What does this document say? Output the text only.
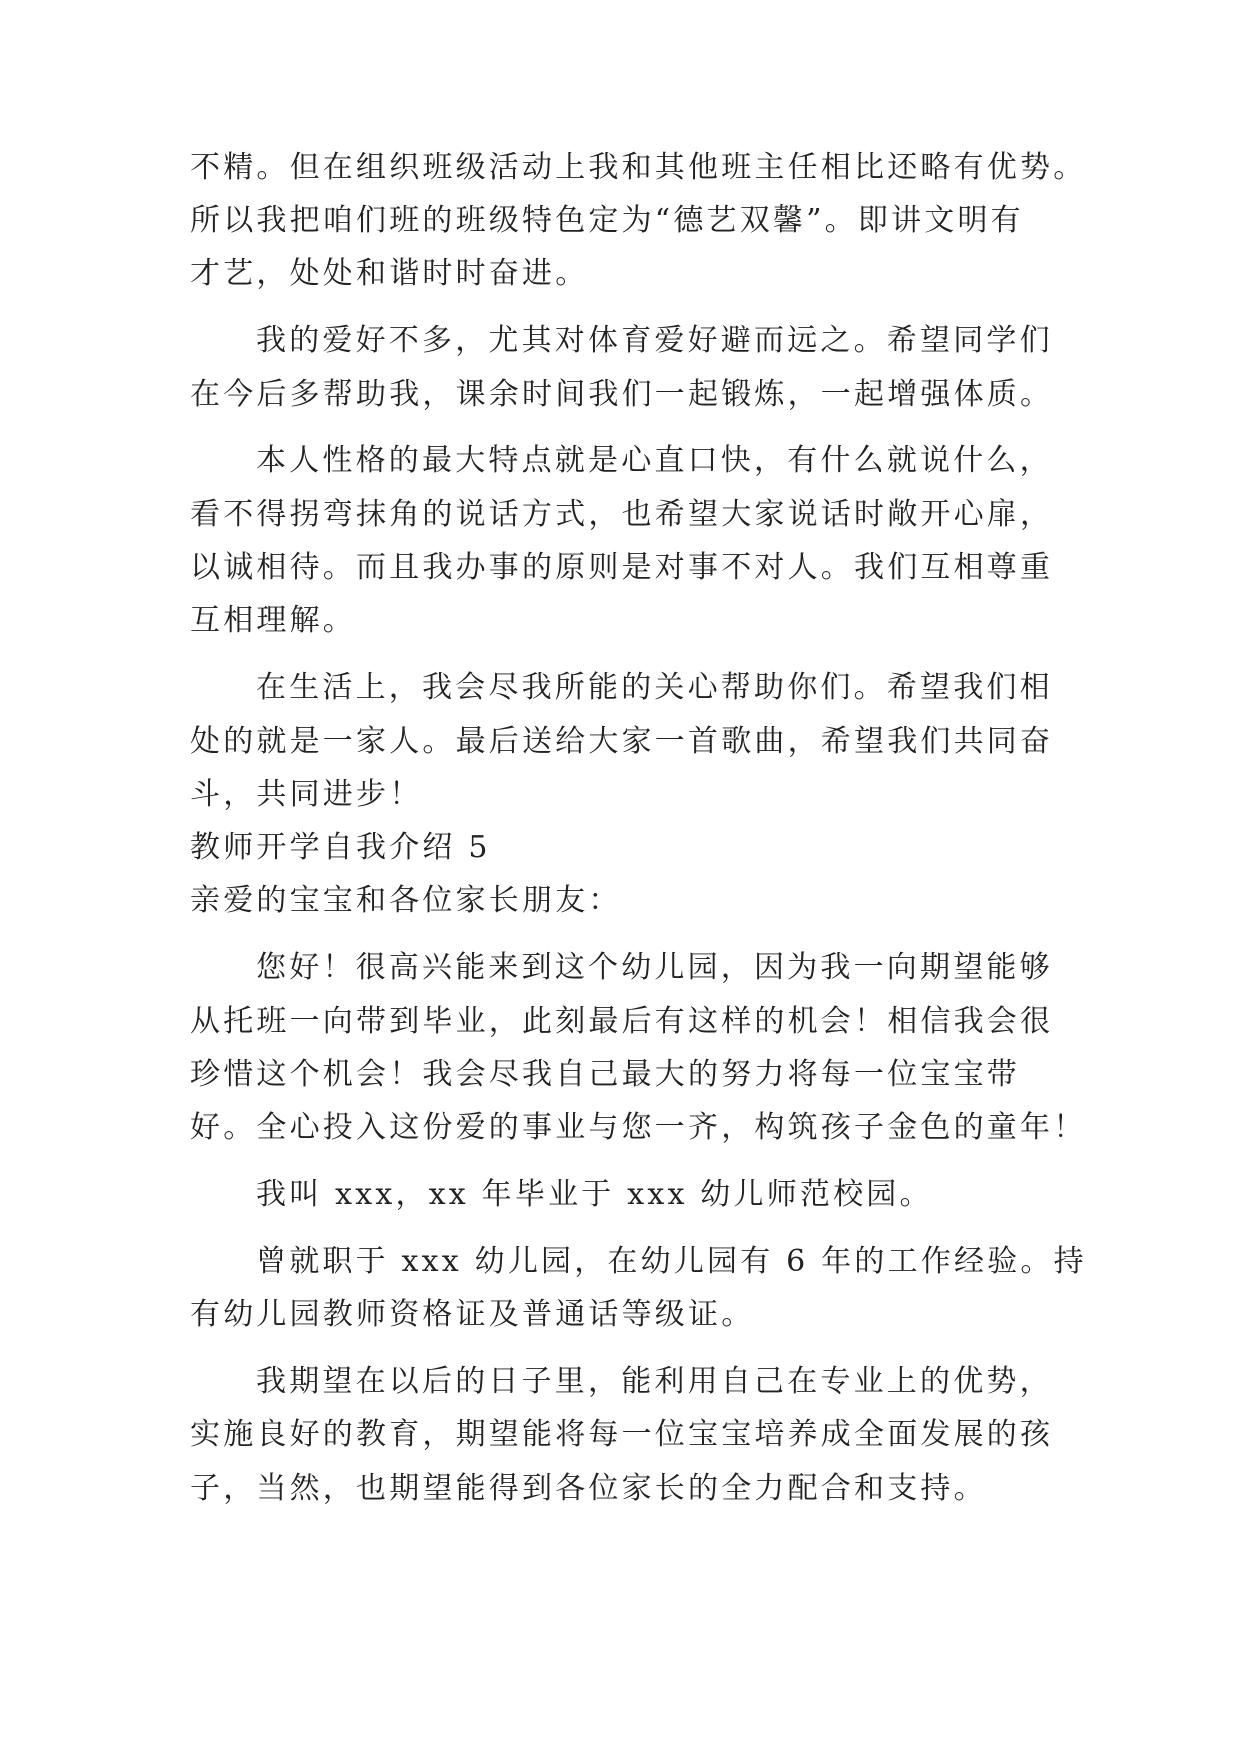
不精。但在组织班级活动上我和其他班主任相比还略有优势。
所以我把咱们班的班级特色定为“德艺双馨”。即讲文明有
才艺，处处和谐时时奋进。
我的爱好不多，尤其对体育爱好避而远之。希望同学们
在今后多帮助我，课余时间我们一起锻炼，一起增强体质。
本人性格的最大特点就是心直口快，有什么就说什么，
看不得拐弯抹角的说话方式，也希望大家说话时敞开心扉，
以诚相待。而且我办事的原则是对事不对人。我们互相尊重
互相理解。
在生活上，我会尽我所能的关心帮助你们。希望我们相
处的就是一家人。最后送给大家一首歌曲，希望我们共同奋
斗，共同进步！
教师开学自我介绍 5
亲爱的宝宝和各位家长朋友：
您好！很高兴能来到这个幼儿园，因为我一向期望能够
从托班一向带到毕业，此刻最后有这样的机会！相信我会很
珍惜这个机会！我会尽我自己最大的努力将每一位宝宝带
好。全心投入这份爱的事业与您一齐，构筑孩子金色的童年！
我叫 xxx，xx 年毕业于 xxx 幼儿师范校园。
曾就职于 xxx 幼儿园，在幼儿园有 6 年的工作经验。持
有幼儿园教师资格证及普通话等级证。
我期望在以后的日子里，能利用自己在专业上的优势，
实施良好的教育，期望能将每一位宝宝培养成全面发展的孩
子，当然，也期望能得到各位家长的全力配合和支持。
